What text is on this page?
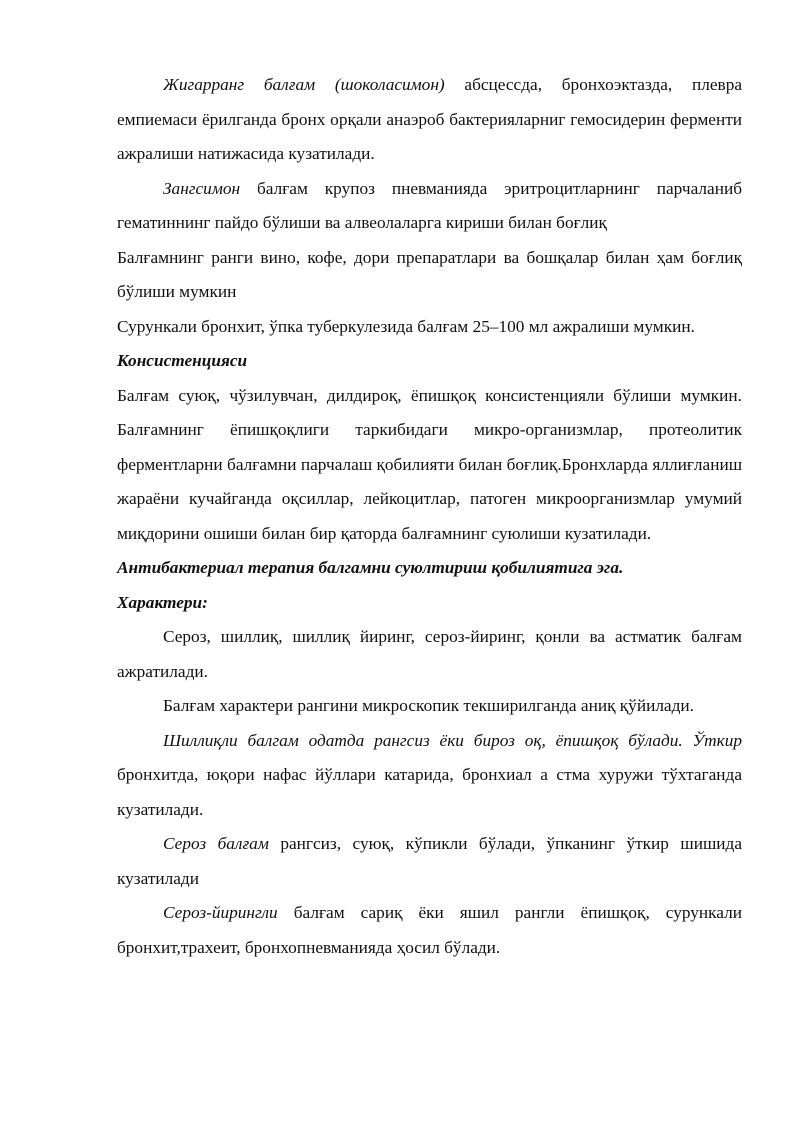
Жигарранг балғам (шоколасимон) абсцессда, бронхоэктазда, плевра емпиемаси ёрилганда бронх орқали анаэроб бактерияларниг гемосидерин ферменти ажралиши натижасида кузатилади.

Зангсимон балғам крупоз пневманияда эритроцитларнинг парчаланиб гематиннинг пайдо бўлиши ва алвеолаларга кириши билан боғлиқ

Балғамнинг ранги вино, кофе, дори препаратлари ва бошқалар билан ҳам боғлиқ бўлиши мумкин

Сурункали бронхит, ўпка туберкулезида балғам 25–100 мл ажралиши мумкин.

Консистенцияси

Балғам суюқ, чўзилувчан, дилдироқ, ёпишқоқ консистенцияли бўлиши мумкин. Балғамнинг ёпишқоқлиги таркибидаги микро-организмлар, протеолитик ферментларни балғамни парчалаш қобилияти билан боғлиқ.Бронхларда яллиғланиш жараёни кучайганда оқсиллар, лейкоцитлар, патоген микроорганизмлар умумий миқдорини ошиши билан бир қаторда балғамнинг суюлиши кузатилади.

Антибактериал терапия балгамни суюлтириш қобилиятига эга.

Характери:

Сероз, шиллиқ, шиллиқ йиринг, сероз-йиринг, қонли ва астматик балғам ажратилади.

Балғам характери рангини микроскопик текширилганда аниқ қўйилади.

Шиллиқли балгам одатда рангсиз ёки бироз оқ, ёпишқоқ бўлади. Ўткир бронхитда, юқори нафас йўллари катарида, бронхиал а стма хуружи тўхтаганда кузатилади.

Сероз балғам рангсиз, суюқ, кўпикли бўлади, ўпканинг ўткир шишида кузатилади

Сероз-йирингли балғам сариқ ёки яшил рангли ёпишқоқ, сурункали бронхит,трахеит, бронхопневманияда ҳосил бўлади.
